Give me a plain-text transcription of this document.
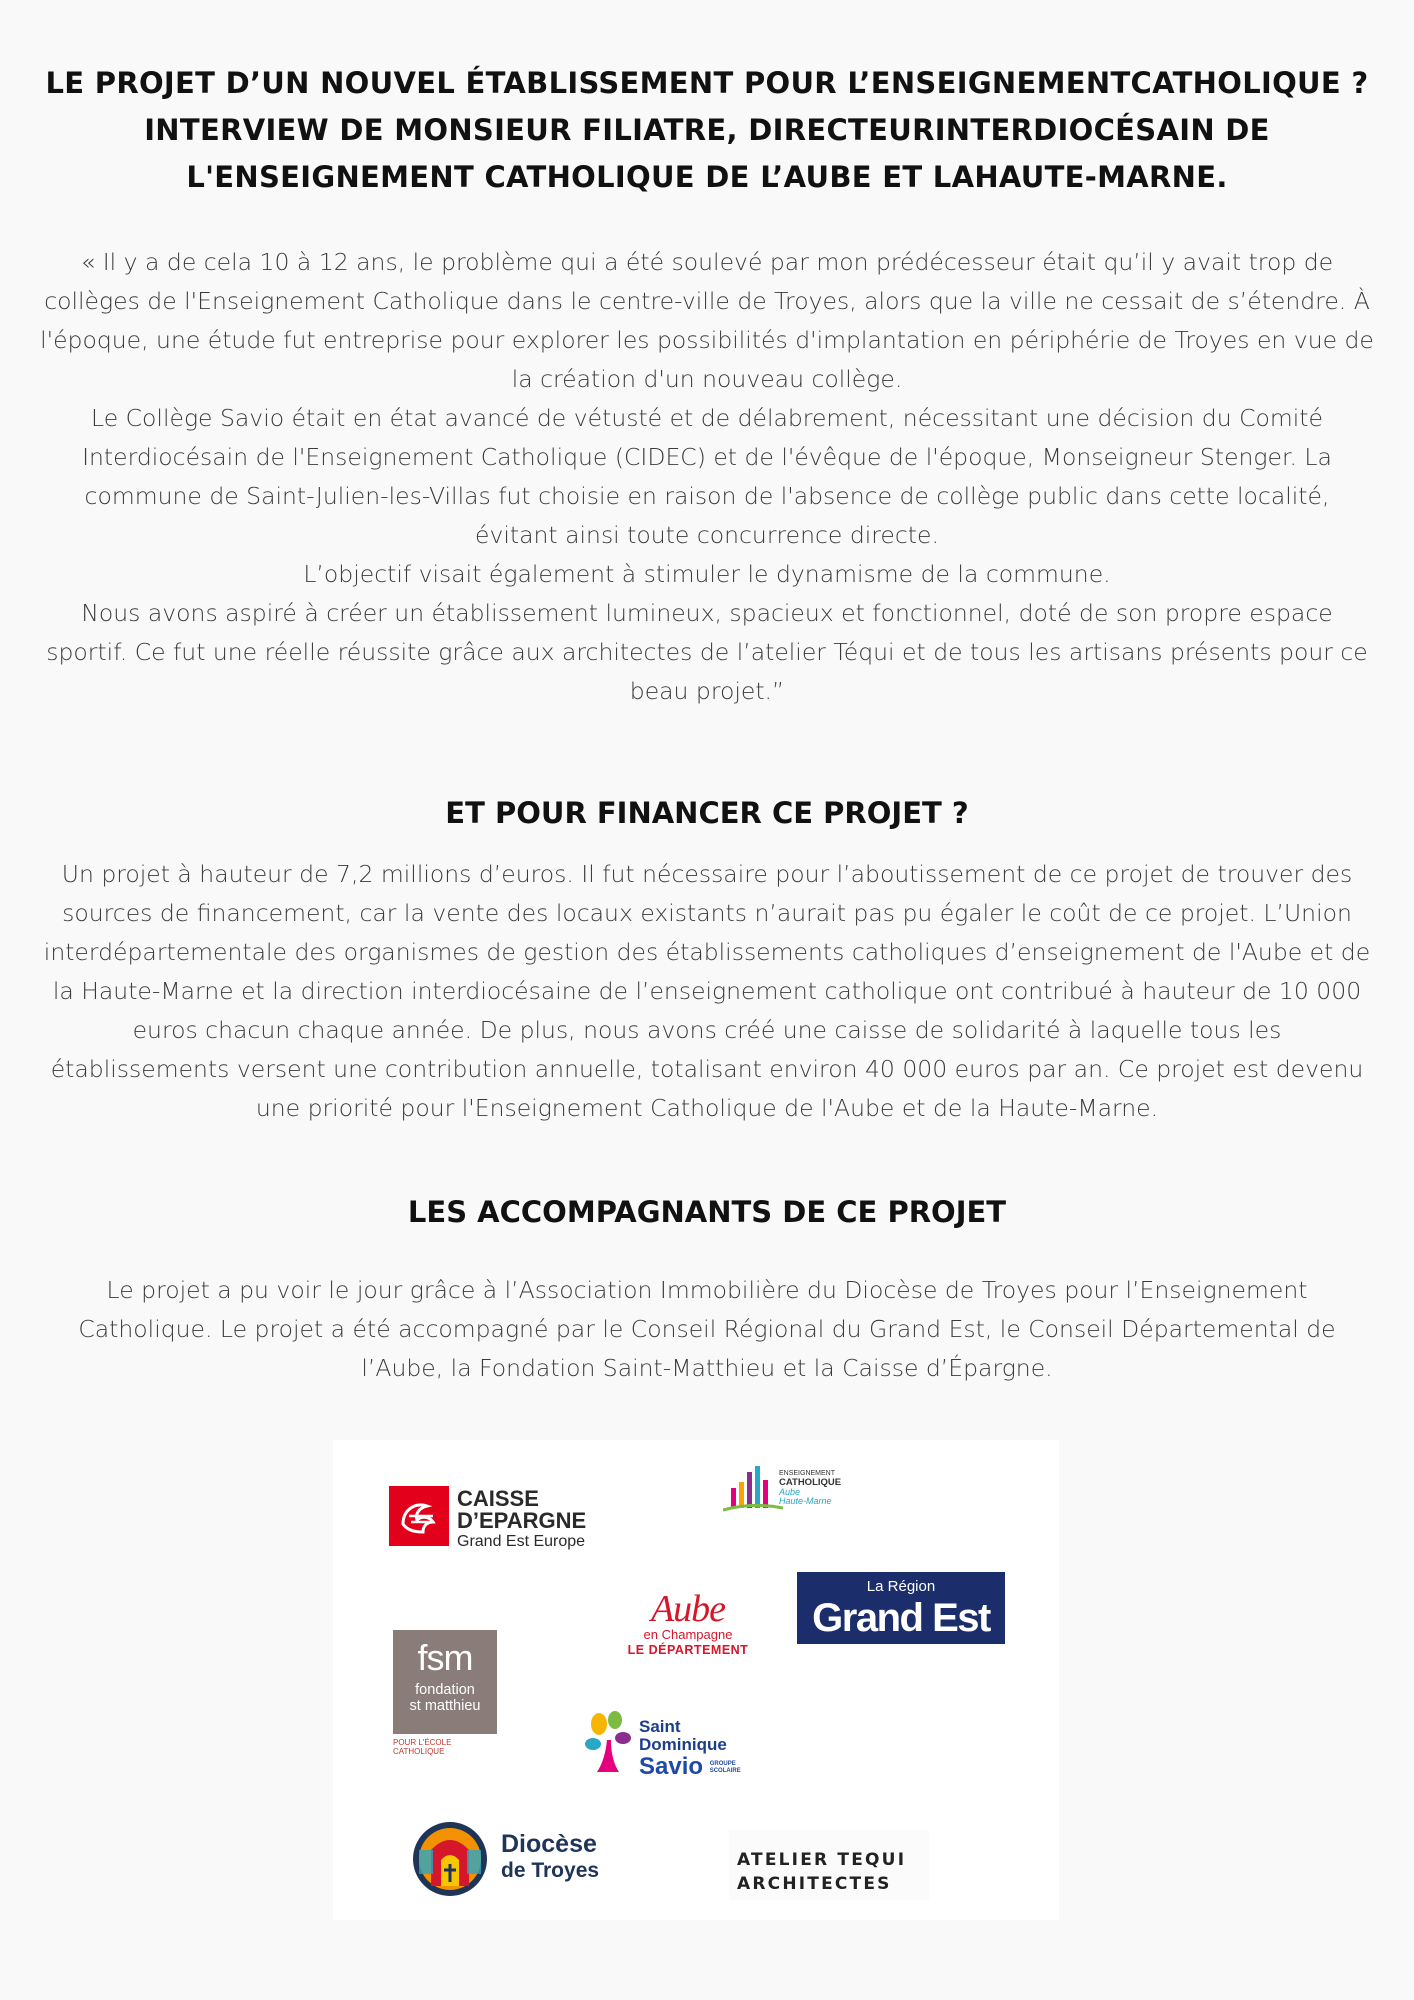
LE PROJET D’UN NOUVEL ÉTABLISSEMENT POUR L’ENSEIGNEMENTCATHOLIQUE ?
INTERVIEW DE MONSIEUR FILIATRE, DIRECTEURINTERDIOCÉSAIN DE
L'ENSEIGNEMENT CATHOLIQUE DE L’AUBE ET LAHAUTE-MARNE.

« Il y a de cela 10 à 12 ans, le problème qui a été soulevé par mon prédécesseur était qu’il y avait trop de collèges de l'Enseignement Catholique dans le centre-ville de Troyes, alors que la ville ne cessait de s’étendre. À l'époque, une étude fut entreprise pour explorer les possibilités d'implantation en périphérie de Troyes en vue de la création d'un nouveau collège.

Le Collège Savio était en état avancé de vétusté et de délabrement, nécessitant une décision du Comité Interdiocésain de l'Enseignement Catholique (CIDEC) et de l'évêque de l'époque, Monseigneur Stenger. La commune de Saint-Julien-les-Villas fut choisie en raison de l'absence de collège public dans cette localité, évitant ainsi toute concurrence directe.

L’objectif visait également à stimuler le dynamisme de la commune.

Nous avons aspiré à créer un établissement lumineux, spacieux et fonctionnel, doté de son propre espace sportif. Ce fut une réelle réussite grâce aux architectes de l’atelier Téqui et de tous les artisans présents pour ce beau projet.”

ET POUR FINANCER CE PROJET ?

Un projet à hauteur de 7,2 millions d’euros. Il fut nécessaire pour l’aboutissement de ce projet de trouver des sources de financement, car la vente des locaux existants n’aurait pas pu égaler le coût de ce projet. L’Union interdépartementale des organismes de gestion des établissements catholiques d’enseignement de l'Aube et de la Haute-Marne et la direction interdiocésaine de l’enseignement catholique ont contribué à hauteur de 10 000 euros chacun chaque année. De plus, nous avons créé une caisse de solidarité à laquelle tous les établissements versent une contribution annuelle, totalisant environ 40 000 euros par an. Ce projet est devenu une priorité pour l'Enseignement Catholique de l'Aube et de la Haute-Marne.

LES ACCOMPAGNANTS DE CE PROJET

Le projet a pu voir le jour grâce à l’Association Immobilière du Diocèse de Troyes pour l’Enseignement Catholique. Le projet a été accompagné par le Conseil Régional du Grand Est, le Conseil Départemental de l’Aube, la Fondation Saint-Matthieu et la Caisse d’Épargne.

CAISSE
D’EPARGNE
Grand Est Europe
ENSEIGNEMENT
CATHOLIQUE
Aube
Haute-Marne
Aube
en Champagne
LE DÉPARTEMENT
La Région
Grand Est
fsm
fondation
st matthieu
POUR L'ÉCOLE CATHOLIQUE
Saint
Dominique
Savio GROUPE
SCOLAIRE
Diocèse
de Troyes	ATELIER TEQUI
ARCHITECTES
